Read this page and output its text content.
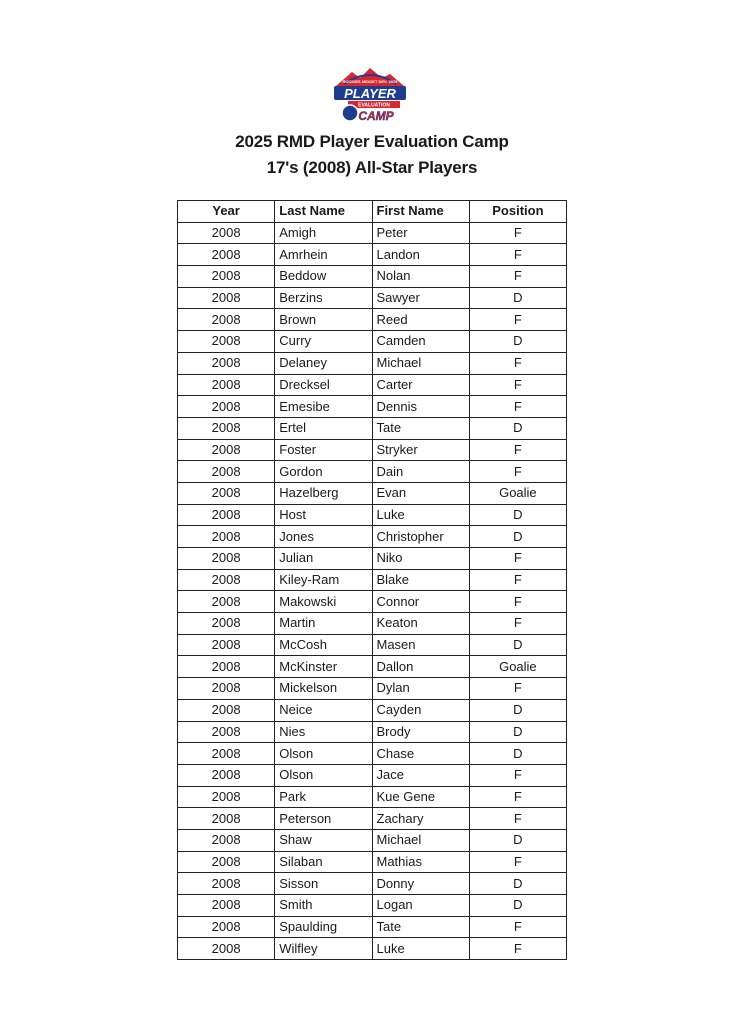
ROCKIES MIDGET DEV. 2025
PLAYER
EVALUATION
CAMP
2025 RMD Player Evaluation Camp
17's (2008) All-Star Players
Year	Last Name	First Name	Position
2008	Amigh	Peter	F
2008	Amrhein	Landon	F
2008	Beddow	Nolan	F
2008	Berzins	Sawyer	D
2008	Brown	Reed	F
2008	Curry	Camden	D
2008	Delaney	Michael	F
2008	Drecksel	Carter	F
2008	Emesibe	Dennis	F
2008	Ertel	Tate	D
2008	Foster	Stryker	F
2008	Gordon	Dain	F
2008	Hazelberg	Evan	Goalie
2008	Host	Luke	D
2008	Jones	Christopher	D
2008	Julian	Niko	F
2008	Kiley-Ram	Blake	F
2008	Makowski	Connor	F
2008	Martin	Keaton	F
2008	McCosh	Masen	D
2008	McKinster	Dallon	Goalie
2008	Mickelson	Dylan	F
2008	Neice	Cayden	D
2008	Nies	Brody	D
2008	Olson	Chase	D
2008	Olson	Jace	F
2008	Park	Kue Gene	F
2008	Peterson	Zachary	F
2008	Shaw	Michael	D
2008	Silaban	Mathias	F
2008	Sisson	Donny	D
2008	Smith	Logan	D
2008	Spaulding	Tate	F
2008	Wilfley	Luke	F
